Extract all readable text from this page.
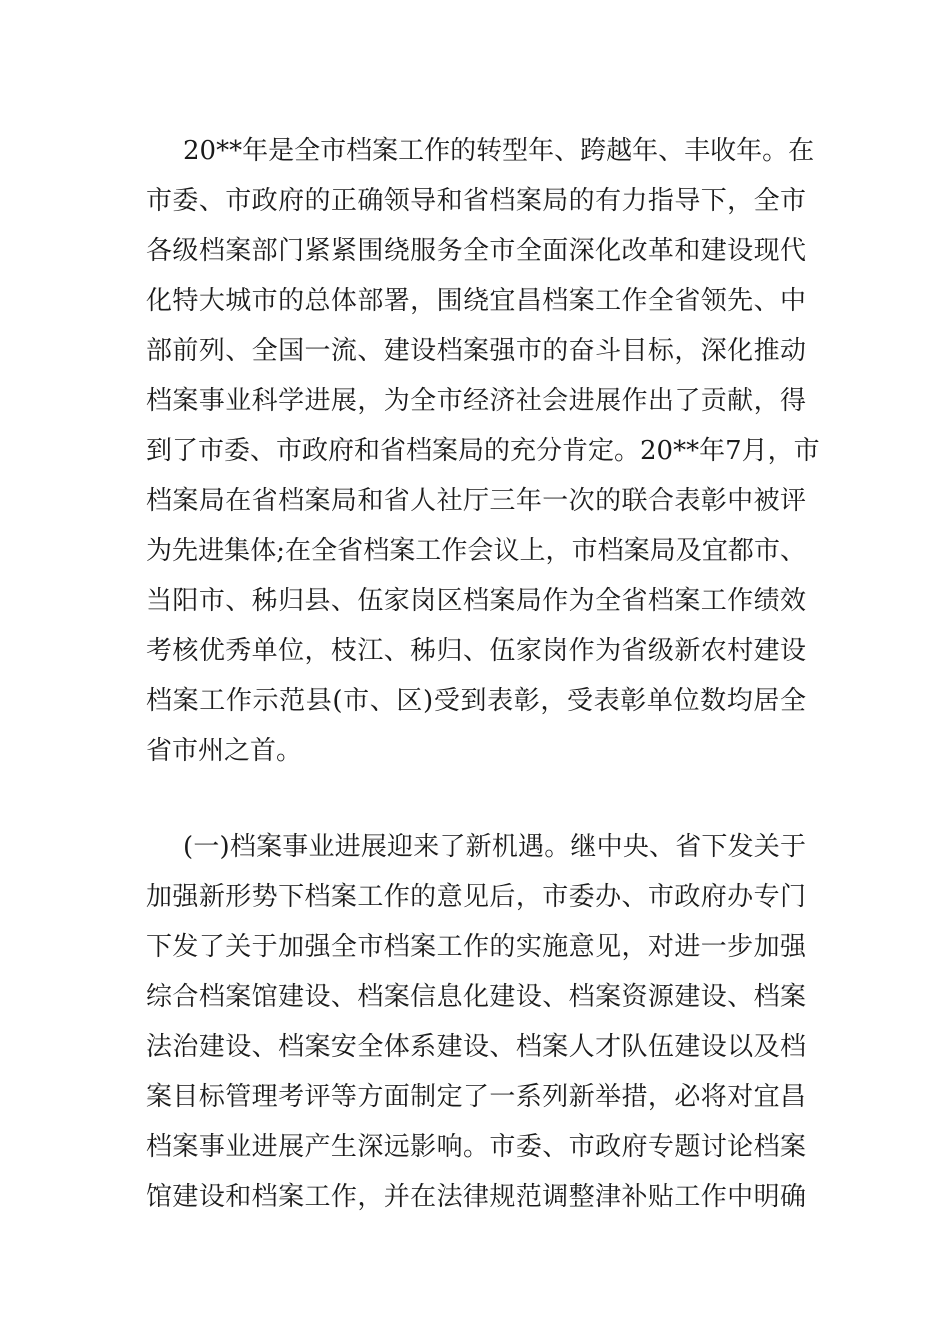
20**年是全市档案工作的转型年、跨越年、丰收年。在
市委、市政府的正确领导和省档案局的有力指导下，全市
各级档案部门紧紧围绕服务全市全面深化改革和建设现代
化特大城市的总体部署，围绕宜昌档案工作全省领先、中
部前列、全国一流、建设档案强市的奋斗目标，深化推动
档案事业科学进展，为全市经济社会进展作出了贡献，得
到了市委、市政府和省档案局的充分肯定。20**年7月，市
档案局在省档案局和省人社厅三年一次的联合表彰中被评
为先进集体;在全省档案工作会议上，市档案局及宜都市、
当阳市、秭归县、伍家岗区档案局作为全省档案工作绩效
考核优秀单位，枝江、秭归、伍家岗作为省级新农村建设
档案工作示范县(市、区)受到表彰，受表彰单位数均居全
省市州之首。
(一)档案事业进展迎来了新机遇。继中央、省下发关于
加强新形势下档案工作的意见后，市委办、市政府办专门
下发了关于加强全市档案工作的实施意见，对进一步加强
综合档案馆建设、档案信息化建设、档案资源建设、档案
法治建设、档案安全体系建设、档案人才队伍建设以及档
案目标管理考评等方面制定了一系列新举措，必将对宜昌
档案事业进展产生深远影响。市委、市政府专题讨论档案
馆建设和档案工作，并在法律规范调整津补贴工作中明确
